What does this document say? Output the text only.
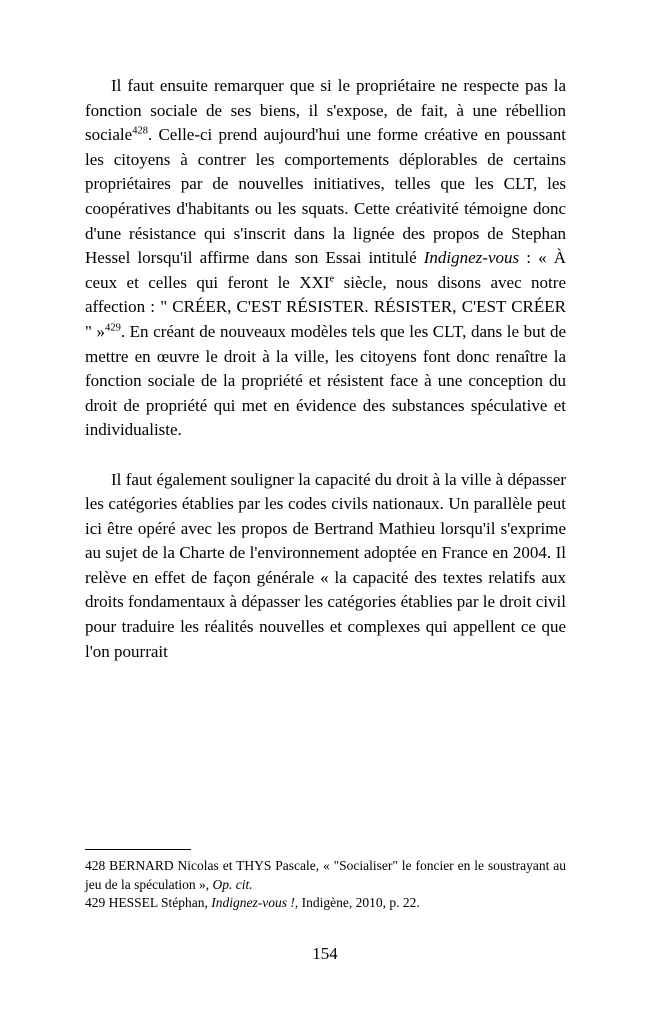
Il faut ensuite remarquer que si le propriétaire ne respecte pas la fonction sociale de ses biens, il s'expose, de fait, à une rébellion sociale$^{428}$. Celle-ci prend aujourd'hui une forme créative en poussant les citoyens à contrer les comportements déplorables de certains propriétaires par de nouvelles initiatives, telles que les CLT, les coopératives d'habitants ou les squats. Cette créativité témoigne donc d'une résistance qui s'inscrit dans la lignée des propos de Stephan Hessel lorsqu'il affirme dans son Essai intitulé Indignez-vous : « À ceux et celles qui feront le XXIe siècle, nous disons avec notre affection : " CRÉER, C'EST RÉSISTER. RÉSISTER, C'EST CRÉER " »$^{429}$. En créant de nouveaux modèles tels que les CLT, dans le but de mettre en œuvre le droit à la ville, les citoyens font donc renaître la fonction sociale de la propriété et résistent face à une conception du droit de propriété qui met en évidence des substances spéculative et individualiste.

Il faut également souligner la capacité du droit à la ville à dépasser les catégories établies par les codes civils nationaux. Un parallèle peut ici être opéré avec les propos de Bertrand Mathieu lorsqu'il s'exprime au sujet de la Charte de l'environnement adoptée en France en 2004. Il relève en effet de façon générale « la capacité des textes relatifs aux droits fondamentaux à dépasser les catégories établies par le droit civil pour traduire les réalités nouvelles et complexes qui appellent ce que l'on pourrait

428 BERNARD Nicolas et THYS Pascale, « "Socialiser" le foncier en le soustrayant au jeu de la spéculation », Op. cit.

429 HESSEL Stéphan, Indignez-vous !, Indigène, 2010, p. 22.

154
